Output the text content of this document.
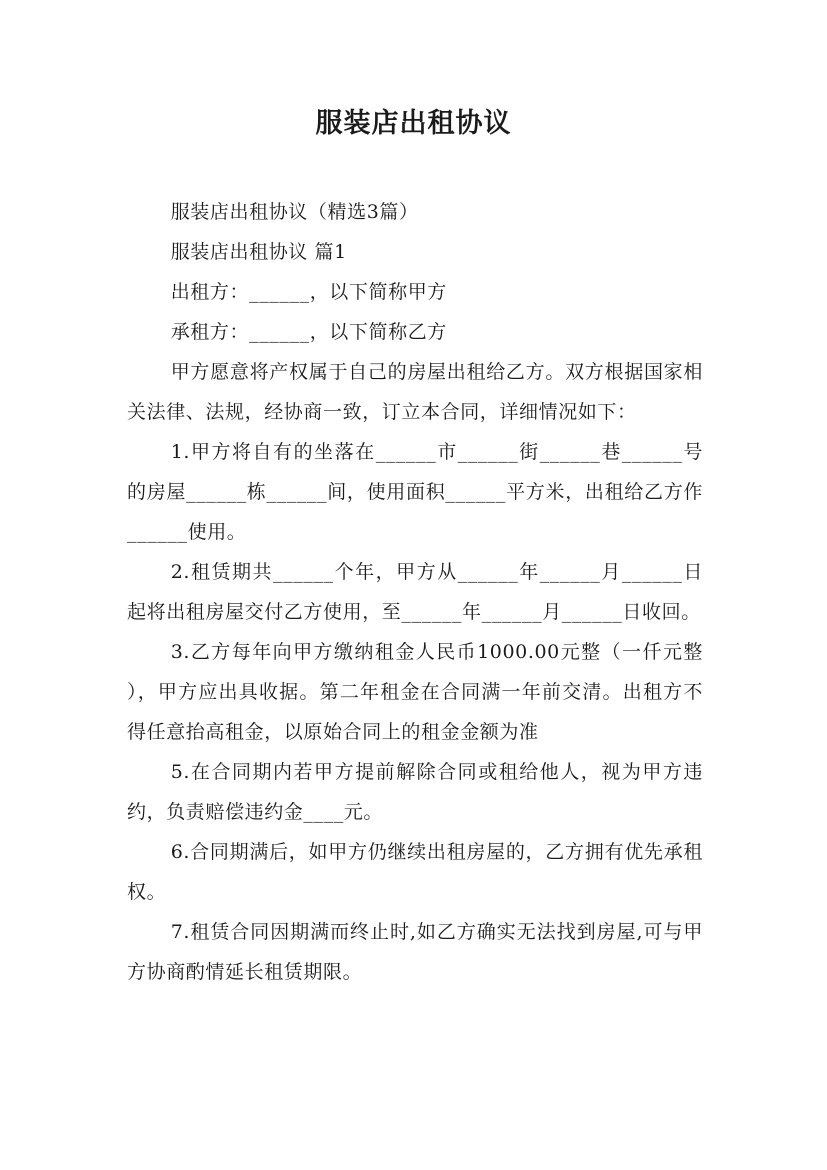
服装店出租协议

服装店出租协议（精选3篇）

服装店出租协议 篇1

出租方：______，以下简称甲方

承租方：______，以下简称乙方

甲方愿意将产权属于自己的房屋出租给乙方。双方根据国家相关法律、法规，经协商一致，订立本合同，详细情况如下：

1.甲方将自有的坐落在______市______街______巷______号的房屋______栋______间，使用面积______平方米，出租给乙方作______使用。

2.租赁期共______个年，甲方从______年______月______日起将出租房屋交付乙方使用，至______年______月______日收回。

3.乙方每年向甲方缴纳租金人民币1000.00元整（一仟元整 ），甲方应出具收据。第二年租金在合同满一年前交清。出租方不得任意抬高租金，以原始合同上的租金金额为准

5.在合同期内若甲方提前解除合同或租给他人，视为甲方违约，负责赔偿违约金____元。

6.合同期满后，如甲方仍继续出租房屋的，乙方拥有优先承租权。

7.租赁合同因期满而终止时,如乙方确实无法找到房屋,可与甲方协商酌情延长租赁期限。
